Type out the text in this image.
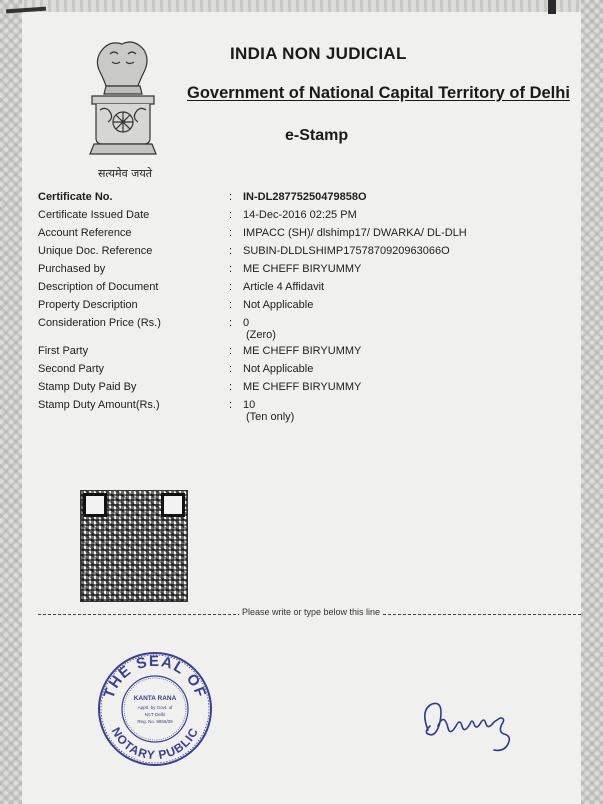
सत्यमेव जयते
INDIA NON JUDICIAL
Government of National Capital Territory of Delhi
e-Stamp
Certificate No.	: IN-DL28775250479858O
Certificate Issued Date	: 14-Dec-2016 02:25 PM
Account Reference	: IMPACC (SH)/ dlshimp17/ DWARKA/ DL-DLH
Unique Doc. Reference	: SUBIN-DLDLSHIMP1757870920963066O
Purchased by	: ME CHEFF BIRYUMMY
Description of Document	: Article 4 Affidavit
Property Description	: Not Applicable
Consideration Price (Rs.)	: 0
(Zero)
First Party	: ME CHEFF BIRYUMMY
Second Party	: Not Applicable
Stamp Duty Paid By	: ME CHEFF BIRYUMMY
Stamp Duty Amount(Rs.)	: 10
(Ten only)
Please write or type below this line
THE SEAL OF
NOTARY PUBLIC
KANTA RANA
Apptt. by Govt. of
NCT Delhi
Reg. No. 8866/09
